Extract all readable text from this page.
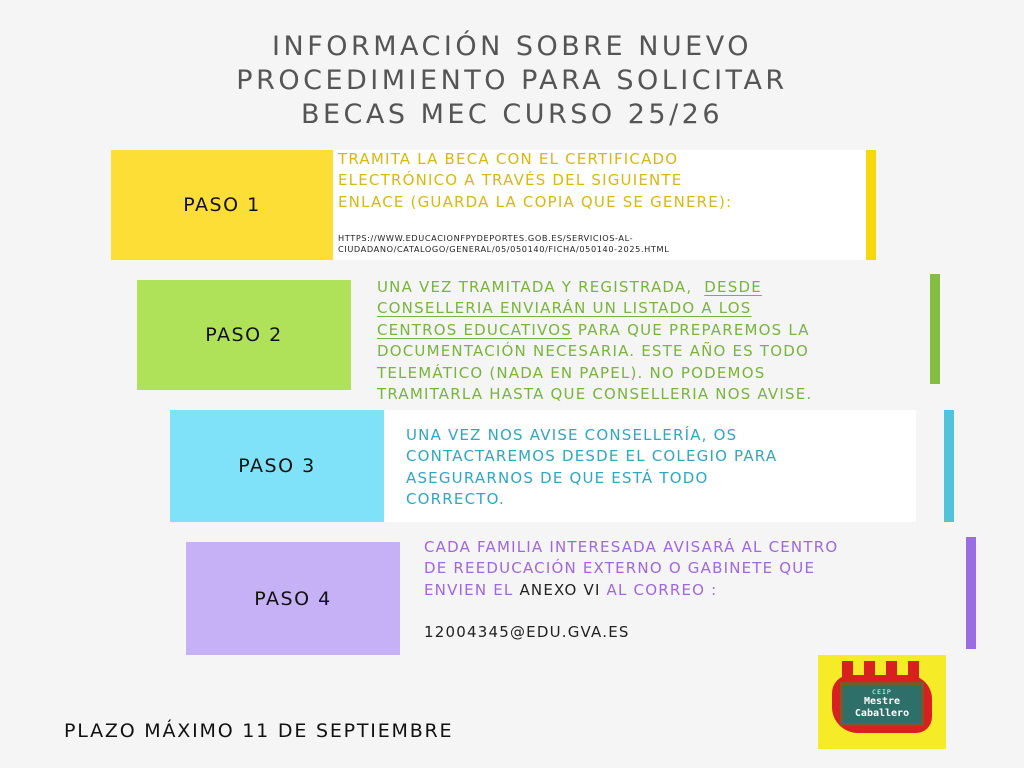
INFORMACIÓN SOBRE NUEVO
PROCEDIMIENTO PARA SOLICITAR
BECAS MEC CURSO 25/26
PASO 1
TRAMITA LA BECA CON EL CERTIFICADO
ELECTRÓNICO A TRAVÉS DEL SIGUIENTE
ENLACE (GUARDA LA COPIA QUE SE GENERE):
HTTPS://WWW.EDUCACIONFPYDEPORTES.GOB.ES/SERVICIOS-AL-
CIUDADANO/CATALOGO/GENERAL/05/050140/FICHA/050140-2025.HTML
PASO 2
UNA VEZ TRAMITADA Y REGISTRADA, DESDE
CONSELLERIA ENVIARÁN UN LISTADO A LOS
CENTROS EDUCATIVOS PARA QUE PREPAREMOS LA
DOCUMENTACIÓN NECESARIA. ESTE AÑO ES TODO
TELEMÁTICO (NADA EN PAPEL). NO PODEMOS
TRAMITARLA HASTA QUE CONSELLERIA NOS AVISE.
PASO 3
UNA VEZ NOS AVISE CONSELLERÍA, OS
CONTACTAREMOS DESDE EL COLEGIO PARA
ASEGURARNOS DE QUE ESTÁ TODO
CORRECTO.
PASO 4
CADA FAMILIA INTERESADA AVISARÁ AL CENTRO
DE REEDUCACIÓN EXTERNO O GABINETE QUE
ENVIEN EL ANEXO VI AL CORREO :
12004345@EDU.GVA.ES
PLAZO MÁXIMO 11 DE SEPTIEMBRE
CEIP
Mestre
Caballero
